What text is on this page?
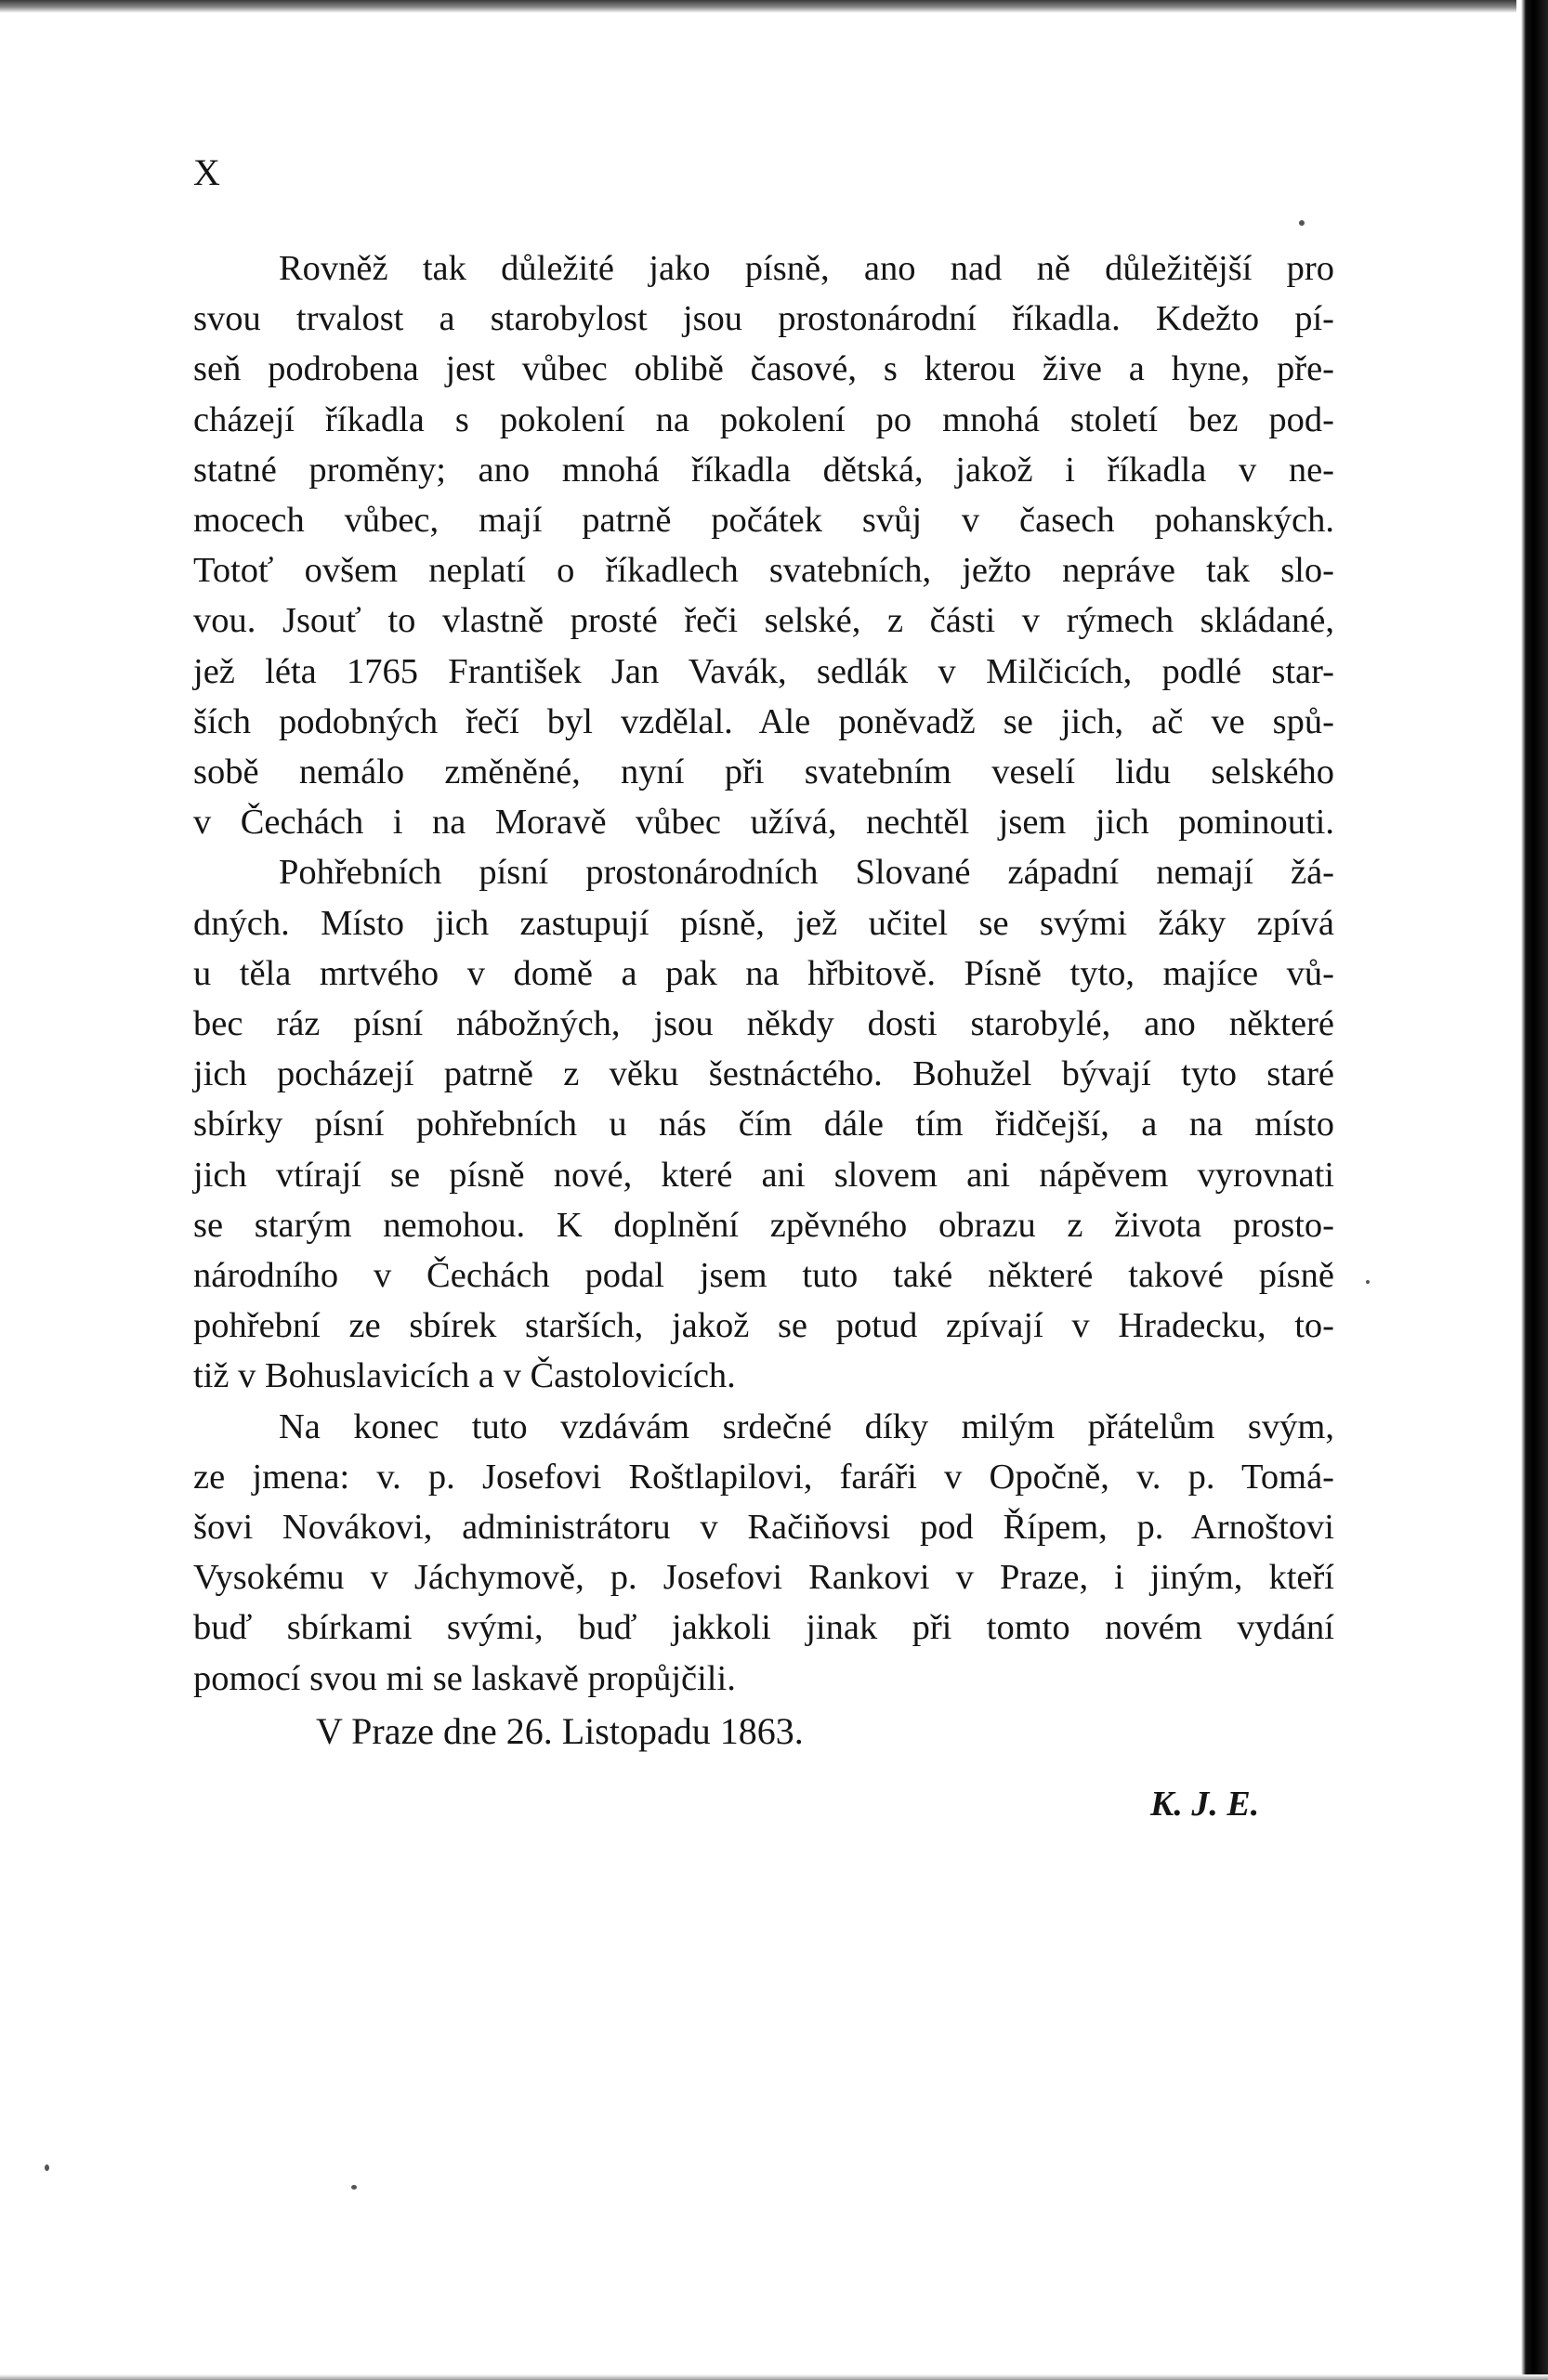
X

Rovněž tak důležité jako písně, ano nad ně důležitější pro
svou trvalost a starobylost jsou prostonárodní říkadla. Kdežto pí-
seň podrobena jest vůbec oblibě časové, s kterou žive a hyne, pře-
cházejí říkadla s pokolení na pokolení po mnohá století bez pod-
statné proměny; ano mnohá říkadla dětská, jakož i říkadla v ne-
mocech vůbec, mají patrně počátek svůj v časech pohanských.
Totoť ovšem neplatí o říkadlech svatebních, ježto nepráve tak slo-
vou. Jsouť to vlastně prosté řeči selské, z části v rýmech skládané,
jež léta 1765 František Jan Vavák, sedlák v Milčicích, podlé star-
ších podobných řečí byl vzdělal. Ale poněvadž se jich, ač ve spů-
sobě nemálo změněné, nyní při svatebním veselí lidu selského
v Čechách i na Moravě vůbec užívá, nechtěl jsem jich pominouti.

Pohřebních písní prostonárodních Slované západní nemají žá-
dných. Místo jich zastupují písně, jež učitel se svými žáky zpívá
u těla mrtvého v domě a pak na hřbitově. Písně tyto, majíce vů-
bec ráz písní nábožných, jsou někdy dosti starobylé, ano některé
jich pocházejí patrně z věku šestnáctého. Bohužel bývají tyto staré
sbírky písní pohřebních u nás čím dále tím řidčejší, a na místo
jich vtírají se písně nové, které ani slovem ani nápěvem vyrovnati
se starým nemohou. K doplnění zpěvného obrazu z života prosto-
národního v Čechách podal jsem tuto také některé takové písně
pohřební ze sbírek starších, jakož se potud zpívají v Hradecku, to-
tiž v Bohuslavicích a v Častolovicích.

Na konec tuto vzdávám srdečné díky milým přátelům svým,
ze jmena: v. p. Josefovi Roštlapilovi, faráři v Opočně, v. p. Tomá-
šovi Novákovi, administrátoru v Račiňovsi pod Řípem, p. Arnoštovi
Vysokému v Jáchymově, p. Josefovi Rankovi v Praze, i jiným, kteří
buď sbírkami svými, buď jakkoli jinak při tomto novém vydání
pomocí svou mi se laskavě propůjčili.

V Praze dne 26. Listopadu 1863.
K. J. E.
